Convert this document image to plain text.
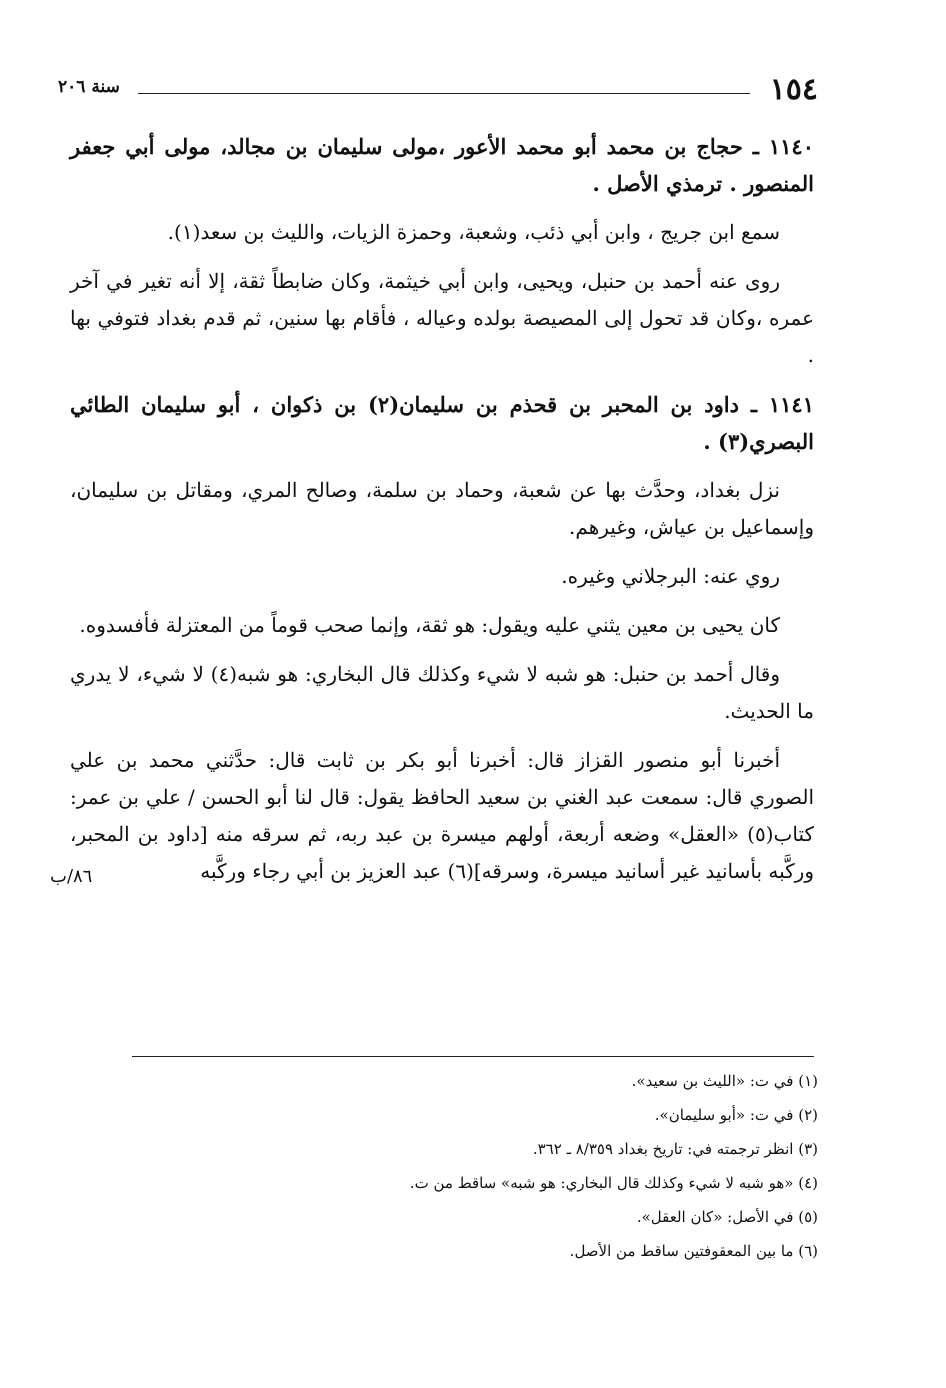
١٥٤
سنة ٢٠٦

١١٤٠ ـ حجاج بن محمد أبو محمد الأعور ،مولى سليمان بن مجالد، مولى أبي جعفر المنصور . ترمذي الأصل .

سمع ابن جريج ، وابن أبي ذئب، وشعبة، وحمزة الزيات، والليث بن سعد(١).

روى عنه أحمد بن حنبل، ويحيى، وابن أبي خيثمة، وكان ضابطاً ثقة، إلا أنه تغير في آخر عمره ،وكان قد تحول إلى المصيصة بولده وعياله ، فأقام بها سنين، ثم قدم بغداد فتوفي بها .

١١٤١ ـ داود بن المحبر بن قحذم بن سليمان(٢) بن ذكوان ، أبو سليمان الطائي البصري(٣) .

نزل بغداد، وحدَّث بها عن شعبة، وحماد بن سلمة، وصالح المري، ومقاتل بن سليمان، وإسماعيل بن عياش، وغيرهم.

روي عنه: البرجلاني وغيره.

كان يحيى بن معين يثني عليه ويقول: هو ثقة، وإنما صحب قوماً من المعتزلة فأفسدوه.

وقال أحمد بن حنبل: هو شبه لا شيء وكذلك قال البخاري: هو شبه(٤) لا شيء، لا يدري ما الحديث.

أخبرنا أبو منصور القزاز قال: أخبرنا أبو بكر بن ثابت قال: حدَّثني محمد بن علي الصوري قال: سمعت عبد الغني بن سعيد الحافظ يقول: قال لنا أبو الحسن / علي بن عمر: كتاب(٥) «العقل» وضعه أربعة، أولهم ميسرة بن عبد ربه، ثم سرقه منه [داود بن المحبر، وركَّبه بأسانيد غير أسانيد ميسرة، وسرقه](٦) عبد العزيز بن أبي رجاء وركَّبه

٨٦/ب

(١) في ت: «الليث بن سعيد».

(٢) في ت: «أبو سليمان».

(٣) انظر ترجمته في: تاريخ بغداد ٨/٣٥٩ ـ ٣٦٢.

(٤) «هو شبه لا شيء وكذلك قال البخاري: هو شبه» ساقط من ت.

(٥) في الأصل: «كان العقل».

(٦) ما بين المعقوفتين ساقط من الأصل.
